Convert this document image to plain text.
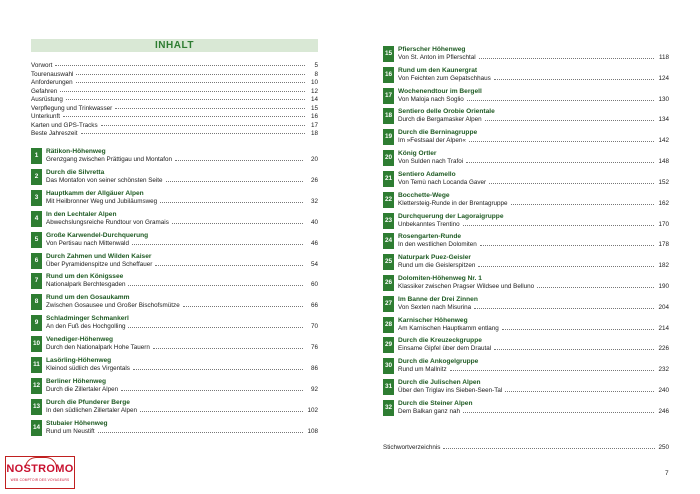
INHALT
Vorwort	5
Tourenauswahl	8
Anforderungen	10
Gefahren	12
Ausrüstung	14
Verpflegung und Trinkwasser	15
Unterkunft	16
Karten und GPS-Tracks	17
Beste Jahreszeit	18
1
Rätikon-Höhenweg
Grenzgang zwischen Prättigau und Montafon	20
2
Durch die Silvretta
Das Montafon von seiner schönsten Seite	26
3
Hauptkamm der Allgäuer Alpen
Mit Heilbronner Weg und Jubiläumsweg	32
4
In den Lechtaler Alpen
Abwechslungsreiche Rundtour von Gramais	40
5
Große Karwendel-Durchquerung
Von Pertisau nach Mittenwald	46
6
Durch Zahmen und Wilden Kaiser
Über Pyramidenspitze und Scheffauer	54
7
Rund um den Königssee
Nationalpark Berchtesgaden	60
8
Rund um den Gosaukamm
Zwischen Gosausee und Großer Bischofsmütze	66
9
Schladminger Schmankerl
An den Fuß des Hochgolling	70
10
Venediger-Höhenweg
Durch den Nationalpark Hohe Tauern	76
11
Lasörling-Höhenweg
Kleinod südlich des Virgentals	86
12
Berliner Höhenweg
Durch die Zillertaler Alpen	92
13
Durch die Pfunderer Berge
In den südlichen Zillertaler Alpen	102
14
Stubaier Höhenweg
Rund um Neustift	108
15
Pfierscher Höhenweg
Von St. Anton im Pflerschtal	118
16
Rund um den Kaunergrat
Von Feichten zum Gepatschhaus	124
17
Wochenendtour im Bergell
Von Maloja nach Soglio	130
18
Sentiero delle Orobie Orientale
Durch die Bergamasker Alpen	134
19
Durch die Berninagruppe
Im »Festsaal der Alpen«	142
20
König Ortler
Von Sulden nach Trafoi	148
21
Sentiero Adamello
Von Temù nach Locanda Gaver	152
22
Bocchette-Wege
Klettersteig-Runde in der Brentagruppe	162
23
Durchquerung der Lagoraigruppe
Unbekanntes Trentino	170
24
Rosengarten-Runde
In den westlichen Dolomiten	178
25
Naturpark Puez-Geisler
Rund um die Geislerspitzen	182
26
Dolomiten-Höhenweg Nr. 1
Klassiker zwischen Pragser Wildsee und Belluno	190
27
Im Banne der Drei Zinnen
Von Sexten nach Misurina	204
28
Karnischer Höhenweg
Am Karnischen Hauptkamm entlang	214
29
Durch die Kreuzeckgruppe
Einsame Gipfel über dem Drautal	226
30
Durch die Ankogelgruppe
Rund um Mallnitz	232
31
Durch die Julischen Alpen
Über den Triglav ins Sieben-Seen-Tal	240
32
Durch die Steiner Alpen
Dem Balkan ganz nah	246
Stichwortverzeichnis	250
7
NOSTROMO
WEB COMPTOIR DES VOYAGEURS
